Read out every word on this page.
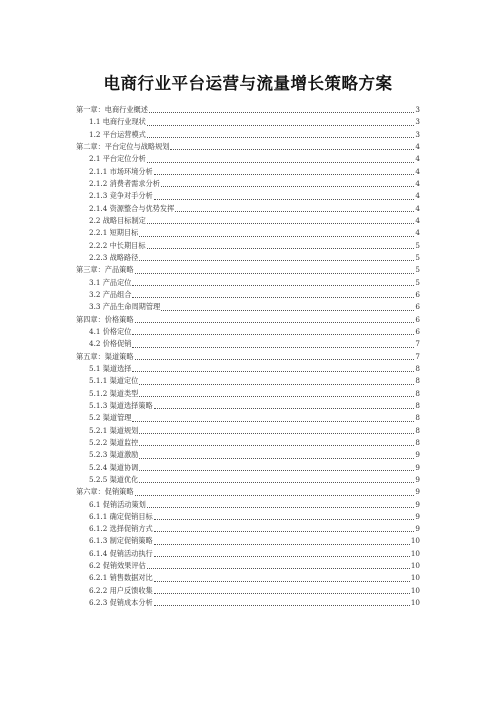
电商行业平台运营与流量增长策略方案
第一章：电商行业概述	3
1.1 电商行业现状	3
1.2 平台运营模式	3
第二章：平台定位与战略规划	4
2.1 平台定位分析	4
2.1.1 市场环境分析	4
2.1.2 消费者需求分析	4
2.1.3 竞争对手分析	4
2.1.4 资源整合与优势发挥	4
2.2 战略目标制定	4
2.2.1 短期目标	4
2.2.2 中长期目标	5
2.2.3 战略路径	5
第三章：产品策略	5
3.1 产品定位	5
3.2 产品组合	6
3.3 产品生命周期管理	6
第四章：价格策略	6
4.1 价格定位	6
4.2 价格促销	7
第五章：渠道策略	7
5.1 渠道选择	8
5.1.1 渠道定位	8
5.1.2 渠道类型	8
5.1.3 渠道选择策略	8
5.2 渠道管理	8
5.2.1 渠道规划	8
5.2.2 渠道监控	8
5.2.3 渠道激励	9
5.2.4 渠道协调	9
5.2.5 渠道优化	9
第六章：促销策略	9
6.1 促销活动策划	9
6.1.1 确定促销目标	9
6.1.2 选择促销方式	9
6.1.3 制定促销策略	10
6.1.4 促销活动执行	10
6.2 促销效果评估	10
6.2.1 销售数据对比	10
6.2.2 用户反馈收集	10
6.2.3 促销成本分析	10
